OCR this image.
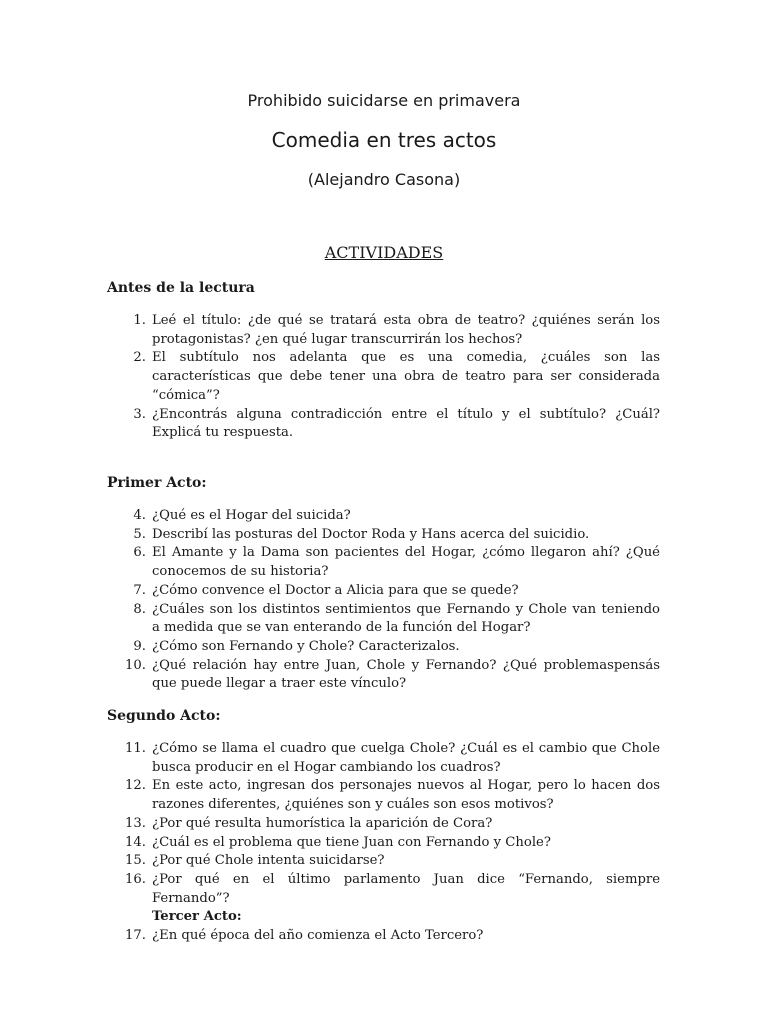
Prohibido suicidarse en primavera
Comedia en tres actos
(Alejandro Casona)
ACTIVIDADES
Antes de la lectura
1. Leé el título: ¿de qué se tratará esta obra de teatro? ¿quiénes serán los protagonistas? ¿en qué lugar transcurrirán los hechos?
2. El subtítulo nos adelanta que es una comedia, ¿cuáles son las características que debe tener una obra de teatro para ser considerada “cómica”?
3. ¿Encontrás alguna contradicción entre el título y el subtítulo? ¿Cuál? Explicá tu respuesta.
Primer Acto:
4. ¿Qué es el Hogar del suicida?
5. Describí las posturas del Doctor Roda y Hans acerca del suicidio.
6. El Amante y la Dama son pacientes del Hogar, ¿cómo llegaron ahí? ¿Qué conocemos de su historia?
7. ¿Cómo convence el Doctor a Alicia para que se quede?
8. ¿Cuáles son los distintos sentimientos que Fernando y Chole van teniendo a medida que se van enterando de la función del Hogar?
9. ¿Cómo son Fernando y Chole? Caracterizalos.
10. ¿Qué relación hay entre Juan, Chole y Fernando? ¿Qué problemaspensás que puede llegar a traer este vínculo?
Segundo Acto:
11. ¿Cómo se llama el cuadro que cuelga Chole? ¿Cuál es el cambio que Chole busca producir en el Hogar cambiando los cuadros?
12. En este acto, ingresan dos personajes nuevos al Hogar, pero lo hacen dos razones diferentes, ¿quiénes son y cuáles son esos motivos?
13. ¿Por qué resulta humorística la aparición de Cora?
14. ¿Cuál es el problema que tiene Juan con Fernando y Chole?
15. ¿Por qué Chole intenta suicidarse?
16. ¿Por qué en el último parlamento Juan dice “Fernando, siempre Fernando”?
Tercer Acto:
17. ¿En qué época del año comienza el Acto Tercero?
